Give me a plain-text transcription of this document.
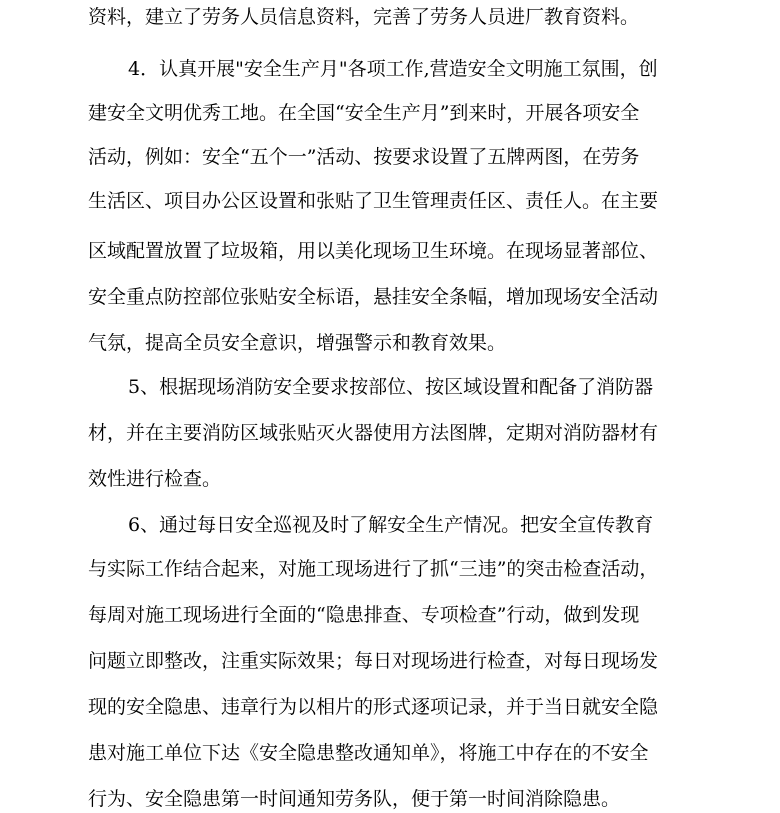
资料，建立了劳务人员信息资料，完善了劳务人员进厂教育资料。
4．认真开展"安全生产月"各项工作,营造安全文明施工氛围，创
建安全文明优秀工地。在全国“安全生产月”到来时，开展各项安全
活动，例如：安全“五个一”活动、按要求设置了五牌两图，在劳务
生活区、项目办公区设置和张贴了卫生管理责任区、责任人。在主要
区域配置放置了垃圾箱，用以美化现场卫生环境。在现场显著部位、
安全重点防控部位张贴安全标语，悬挂安全条幅，增加现场安全活动
气氛，提高全员安全意识，增强警示和教育效果。
5、根据现场消防安全要求按部位、按区域设置和配备了消防器
材，并在主要消防区域张贴灭火器使用方法图牌，定期对消防器材有
效性进行检查。
6、通过每日安全巡视及时了解安全生产情况。把安全宣传教育
与实际工作结合起来，对施工现场进行了抓“三违”的突击检查活动，
每周对施工现场进行全面的“隐患排查、专项检查”行动，做到发现
问题立即整改，注重实际效果；每日对现场进行检查，对每日现场发
现的安全隐患、违章行为以相片的形式逐项记录，并于当日就安全隐
患对施工单位下达《安全隐患整改通知单》，将施工中存在的不安全
行为、安全隐患第一时间通知劳务队，便于第一时间消除隐患。
